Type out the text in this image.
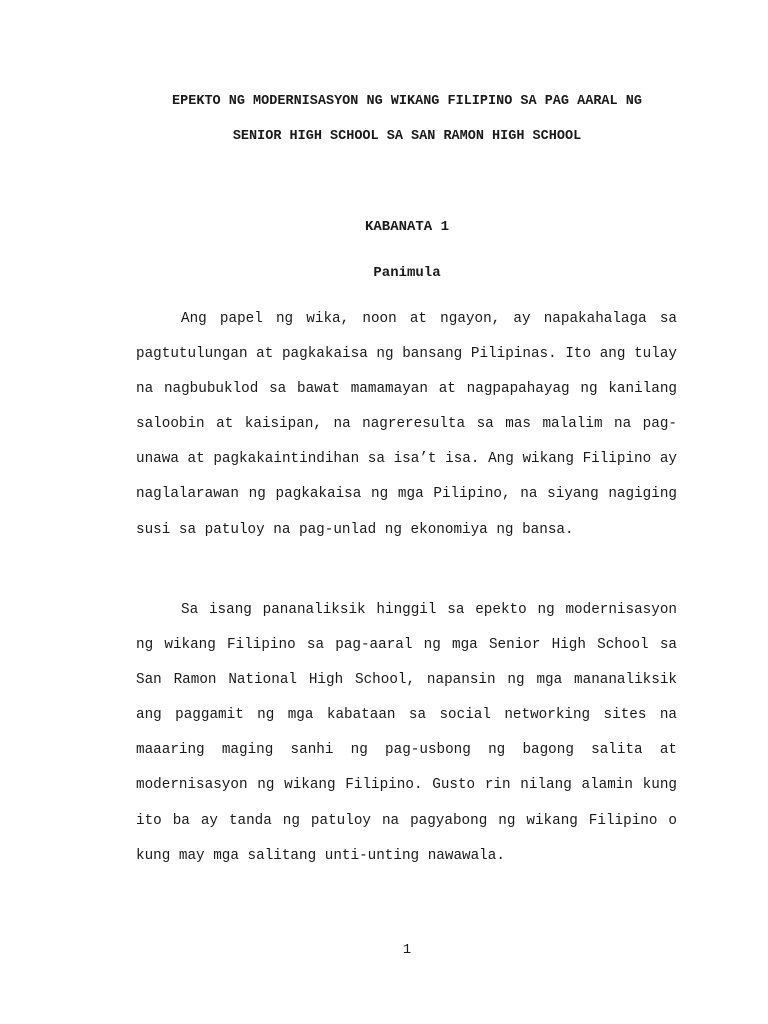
EPEKTO NG MODERNISASYON NG WIKANG FILIPINO SA PAG AARAL NG
SENIOR HIGH SCHOOL SA SAN RAMON HIGH SCHOOL
KABANATA 1
Panimula

Ang papel ng wika, noon at ngayon, ay napakahalaga sa pagtutulungan at pagkakaisa ng bansang Pilipinas. Ito ang tulay na nagbubuklod sa bawat mamamayan at nagpapahayag ng kanilang saloobin at kaisipan, na nagreresulta sa mas malalim na pag-unawa at pagkakaintindihan sa isa’t isa. Ang wikang Filipino ay naglalarawan ng pagkakaisa ng mga Pilipino, na siyang nagiging susi sa patuloy na pag-unlad ng ekonomiya ng bansa.

Sa isang pananaliksik hinggil sa epekto ng modernisasyon ng wikang Filipino sa pag-aaral ng mga Senior High School sa San Ramon National High School, napansin ng mga mananaliksik ang paggamit ng mga kabataan sa social networking sites na maaaring maging sanhi ng pag-usbong ng bagong salita at modernisasyon ng wikang Filipino. Gusto rin nilang alamin kung ito ba ay tanda ng patuloy na pagyabong ng wikang Filipino o kung may mga salitang unti-unting nawawala.

1
